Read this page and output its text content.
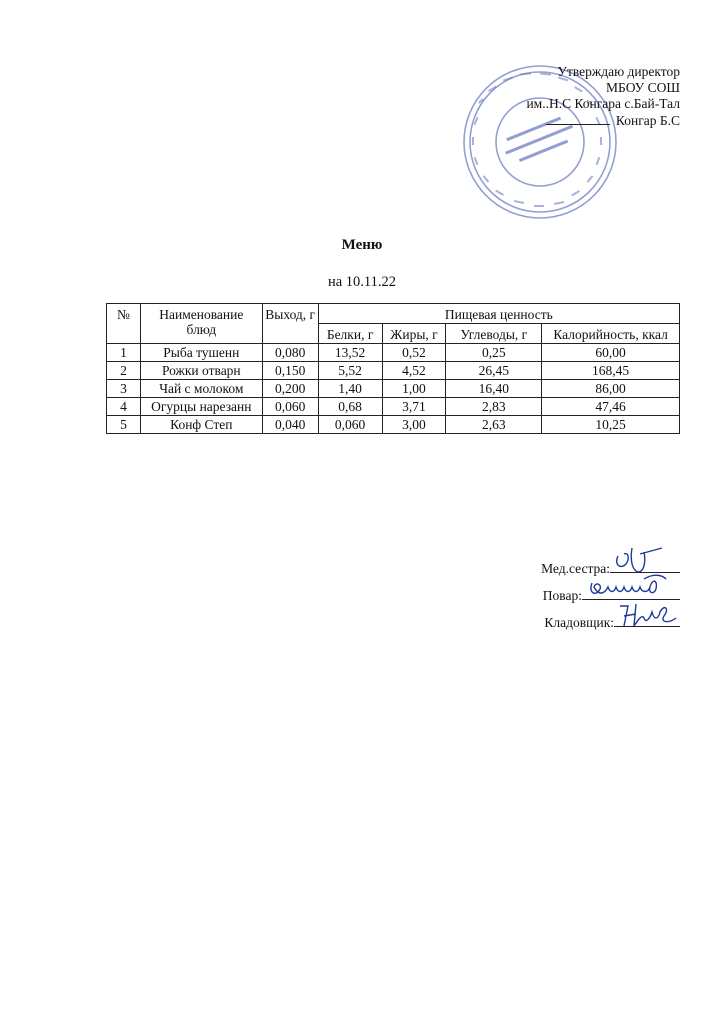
Утверждаю директор
МБОУ СОШ
им..Н.С Конгара с.Бай-Тал
Конгар Б.С
Меню
на 10.11.22
№	Наименование блюд	Выход, г	Пищевая ценность			
			Белки, г	Жиры, г	Углеводы, г	Калорийность, ккал
1	Рыба тушенн	0,080	13,52	0,52	0,25	60,00
2	Рожки отварн	0,150	5,52	4,52	26,45	168,45
3	Чай с молоком	0,200	1,40	1,00	16,40	86,00
4	Огурцы нарезанн	0,060	0,68	3,71	2,83	47,46
5	Конф Степ	0,040	0,060	3,00	2,63	10,25
Мед.сестра:
Повар:
Кладовщик:
